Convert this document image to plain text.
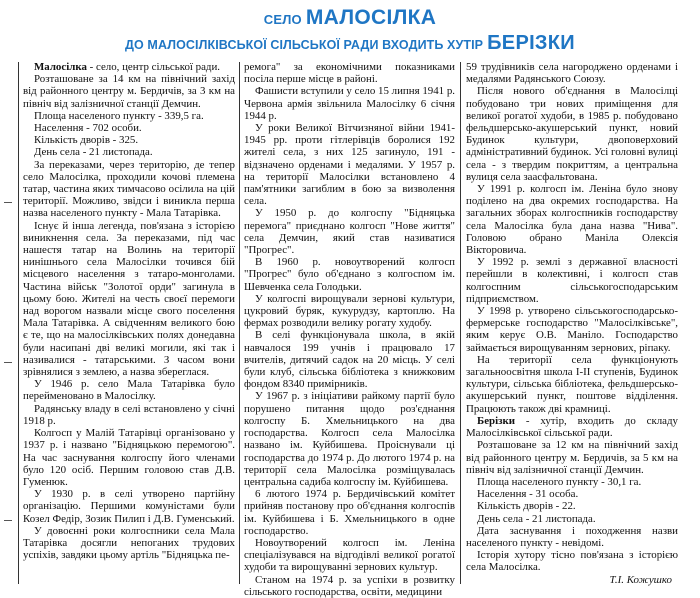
СЕЛО МАЛОСІЛКА
ДО МАЛОСІЛКІВСЬКОЇ СІЛЬСЬКОЇ РАДИ ВХОДИТЬ ХУТІР БЕРІЗКИ

Малосілка - село, центр сільської ради.

Розташоване за 14 км на північний захід від районного центру м. Бердичів, за 3 км на північ від залізничної станції Демчин.

Площа населеного пункту - 339,5 га.

Населення - 702 особи.

Кількість дворів - 325.

День села - 21 листопада.

За переказами, через територію, де тепер село Малосілка, проходили кочові племена татар, частина яких тимчасово осілила на цій території. Можливо, звідси і виникла перша назва населеного пункту - Мала Татарівка.

Існує й інша легенда, пов'язана з історією виникнення села. За переказами, під час нашестя татар на Волинь на території нинішнього села Малосілки точився бій місцевого населення з татаро-монголами. Частина військ "Золотої орди" загинула в цьому бою. Жителі на честь своєї перемоги над ворогом назвали місце свого поселення Мала Татарівка. А свідченням великого бою є те, що на малосілківських полях донедавна були насипані дві великі могили, які так і називалися - татарськими. З часом вони зрівнялися з землею, а назва збереглася.

У 1946 р. село Мала Татарівка було перейменовано в Малосілку.

Радянську владу в селі встановлено у січні 1918 р.

Колгосп у Малій Татарівці організовано у 1937 р. і названо "Бідняцькою перемогою". На час заснування колгоспу його членами було 120 осіб. Першим головою став Д.В. Гуменюк.

У 1930 р. в селі утворено партійну організацію. Першими комуністами були Козел Федір, Зозик Пилип і Д.В. Гуменський.

У довоєнні роки колгоспники села Мала Татарівка досягли непоганих трудових успіхів, завдяки цьому артіль "Бідняцька пе-

ремога" за економічними показниками посіла перше місце в районі.

Фашисти вступили у село 15 липня 1941 р. Червона армія звільнила Малосілку 6 січня 1944 р.

У роки Великої Вітчизняної війни 1941-1945 рр. проти гітлерівців боролися 192 жителі села, з них 125 загинуло, 191 - відзначено орденами і медалями. У 1957 р. на території Малосілки встановлено 4 пам'ятники загиблим в бою за визволення села.

У 1950 р. до колгоспу "Бідняцька перемога" приєднано колгосп "Нове життя" села Демчин, який став називатися "Прогрес".

В 1960 р. новоутворений колгосп "Прогрес" було об'єднано з колгоспом ім. Шевченка села Голодьки.

У колгоспі вирощували зернові культури, цукровий буряк, кукурудзу, картоплю. На фермах розводили велику рогату худобу.

В селі функціонувала школа, в якій навчалося 199 учнів і працювало 17 вчителів, дитячий садок на 20 місць. У селі були клуб, сільська бібліотека з книжковим фондом 8340 примірників.

У 1967 р. з ініціативи райкому партії було порушено питання щодо роз'єднання колгоспу Б. Хмельницького на два господарства. Колгосп села Малосілка названо ім. Куйбишева. Проіснували ці господарства до 1974 р. До лютого 1974 р. на території села Малосілка розміщувалась центральна садиба колгоспу ім. Куйбишева.

6 лютого 1974 р. Бердичівський комітет прийняв постанову про об'єднання колгоспів ім. Куйбишева і Б. Хмельницького в одне господарство.

Новоутворений колгосп ім. Леніна спеціалізувався на відгодівлі великої рогатої худоби та вирощуванні зернових культур.

Станом на 1974 р. за успіхи в розвитку сільського господарства, освіти, медицини

59 трудівників села нагороджено орденами і медалями Радянського Союзу.

Після нового об'єднання в Малосілці побудовано три нових приміщення для великої рогатої худоби, в 1985 р. побудовано фельдшерсько-акушерський пункт, новий Будинок культури, двоповерховий адміністративний будинок. Усі головні вулиці села - з твердим покриттям, а центральна вулиця села заасфальтована.

У 1991 р. колгосп ім. Леніна було знову поділено на два окремих господарства. На загальних зборах колгоспників господарству села Малосілка була дана назва "Нива". Головою обрано Маніла Олексія Вікторовича.

У 1992 р. землі з державної власності перейшли в колективні, і колгосп став колгоспним сільськогосподарським підприємством.

У 1998 р. утворено сільськогосподарсько-фермерське господарство "Малосілківське", яким керує О.В. Маніло. Господарство займається вирощуванням зернових, ріпаку.

На території села функціонують загальноосвітня школа І-ІІ ступенів, Будинок культури, сільська бібліотека, фельдшерсько-акушерський пункт, поштове відділення. Працюють також дві крамниці.

Берізки - хутір, входить до складу Малосілківської сільської ради.

Розташоване за 12 км на північний захід від районного центру м. Бердичів, за 5 км на північ від залізничної станції Демчин.

Площа населеного пункту - 30,1 га.

Населення - 31 особа.

Кількість дворів - 22.

День села - 21 листопада.

Дата заснування і походження назви населеного пункту - невідомі.

Історія хутору тісно пов'язана з історією села Малосілка.

Т.І. Кожушко
